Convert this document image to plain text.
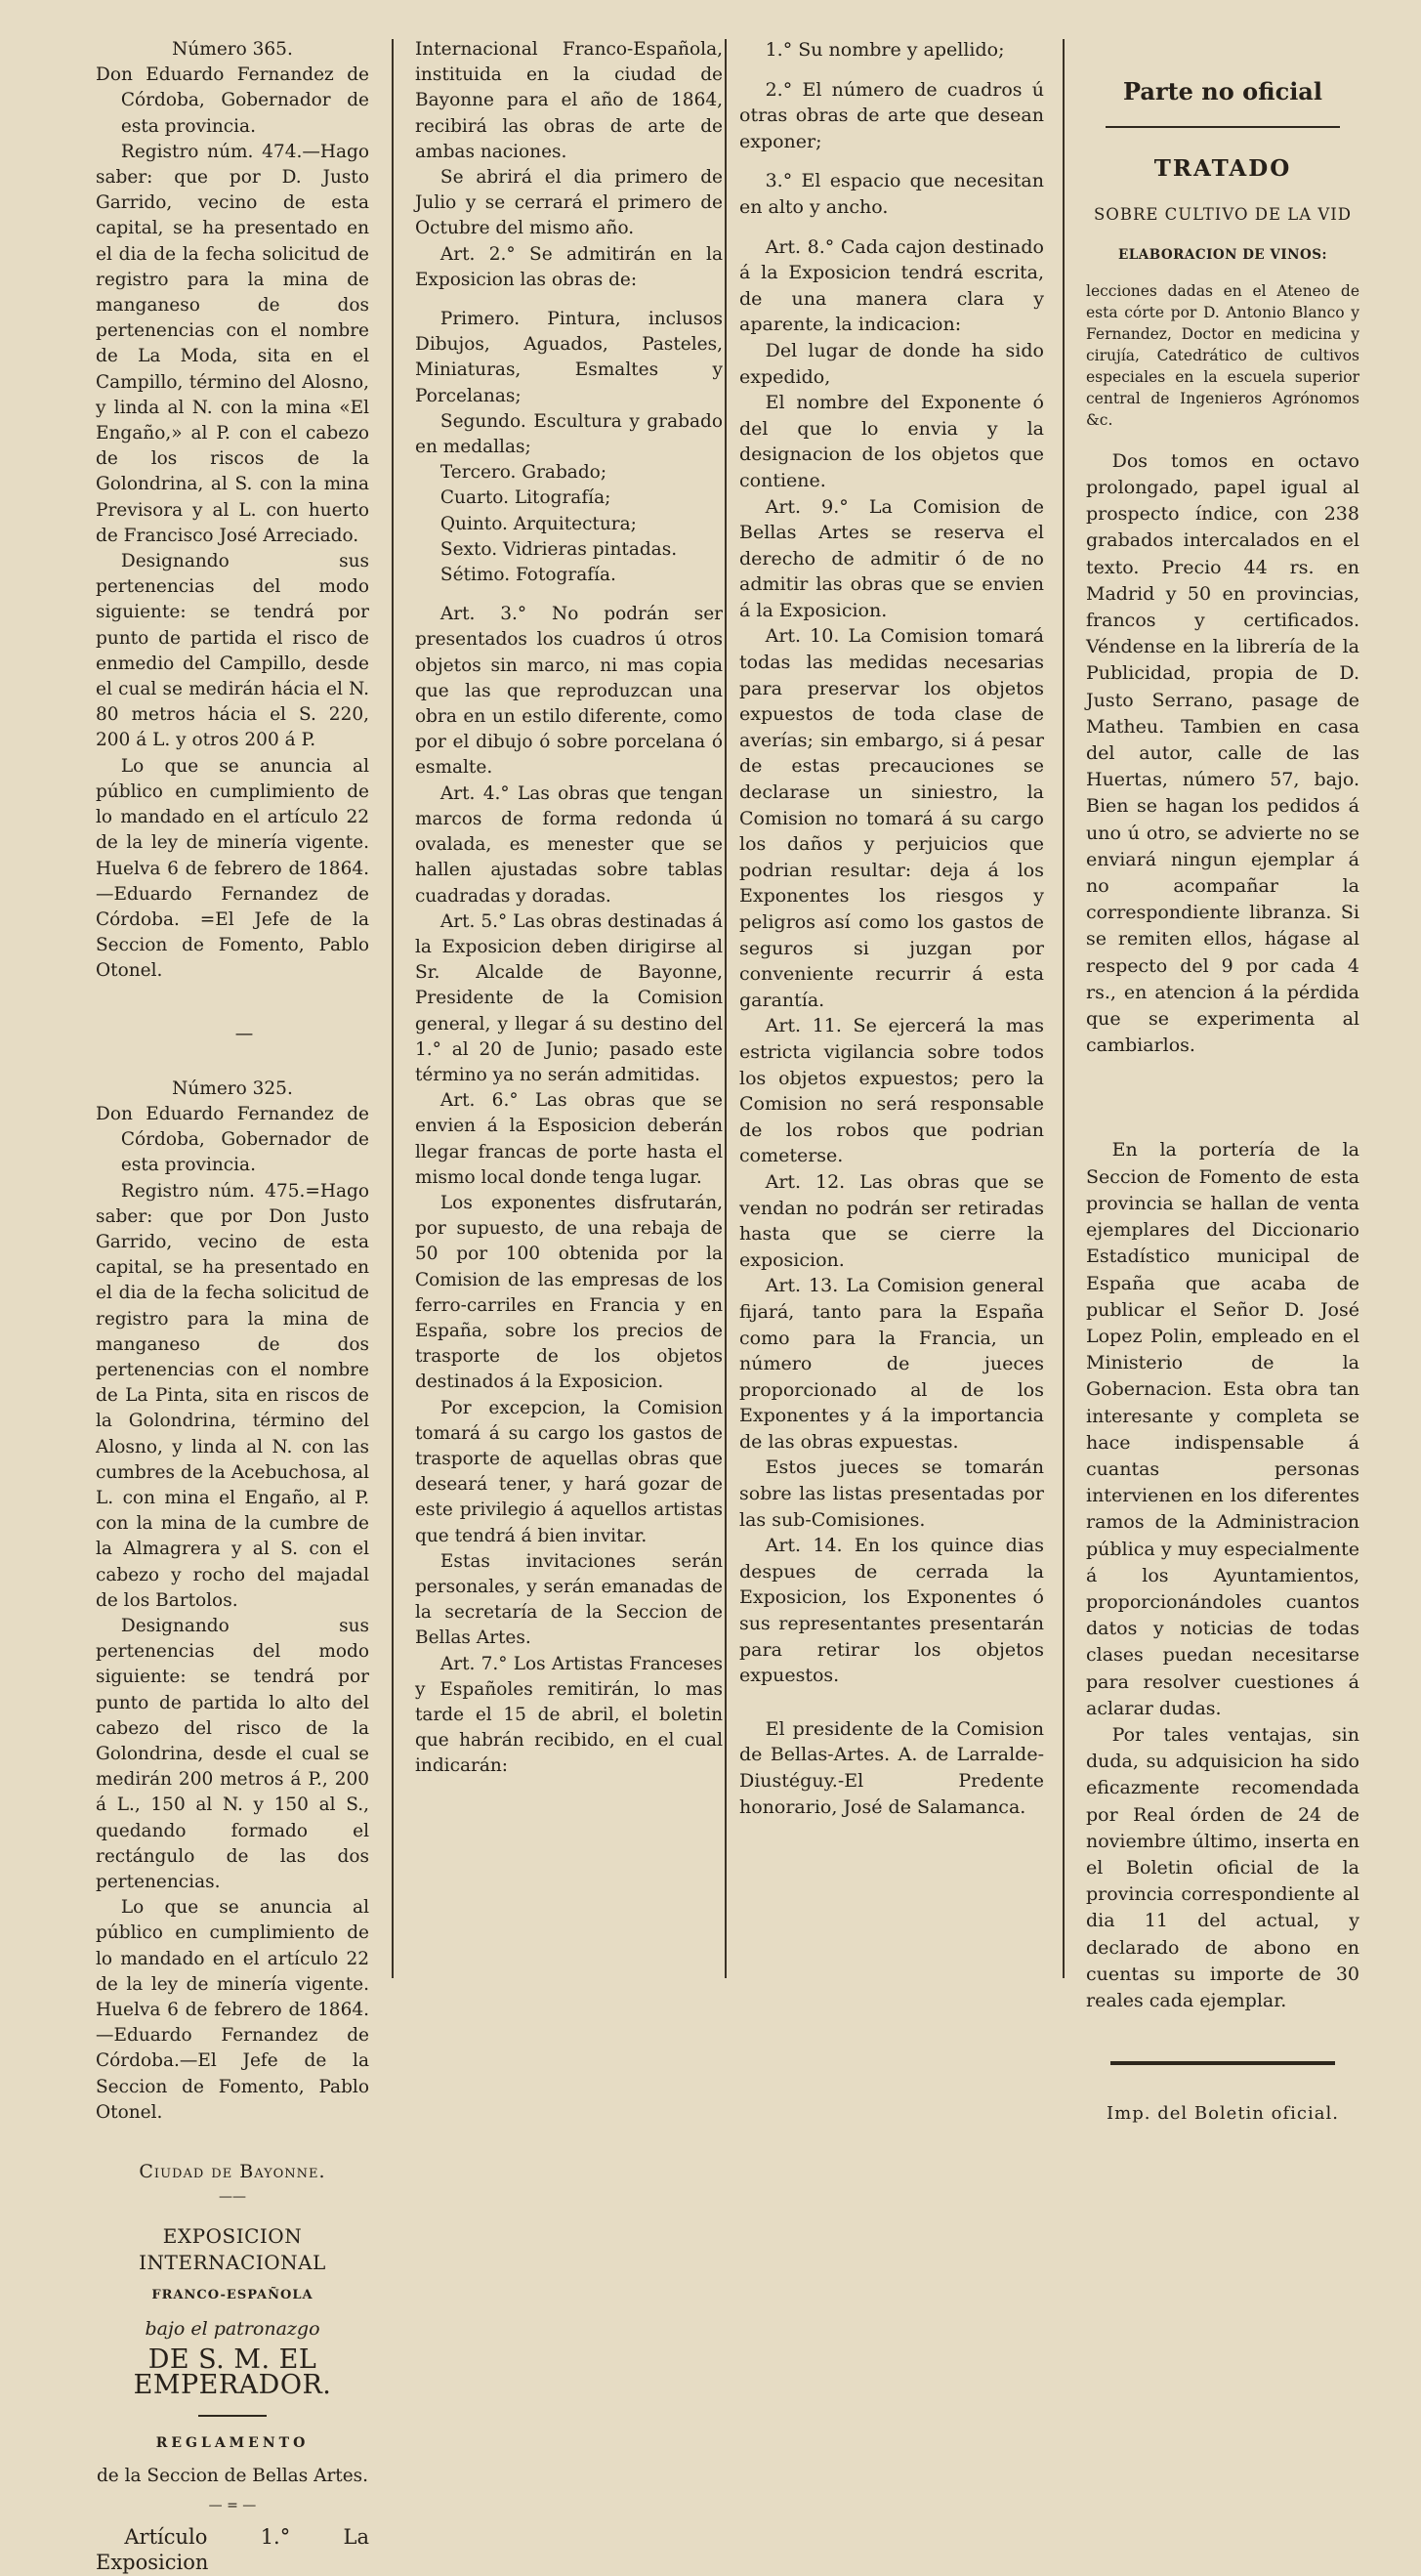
Número 365.

Don Eduardo Fernandez de Córdoba, Gobernador de esta provincia.

Registro núm. 474.—Hago saber: que por D. Justo Garrido, vecino de esta capital, se ha presentado en el dia de la fecha solicitud de registro para la mina de manganeso de dos pertenencias con el nombre de La Moda, sita en el Campillo, término del Alosno, y linda al N. con la mina «El Engaño,» al P. con el cabezo de los riscos de la Golondrina, al S. con la mina Previsora y al L. con huerto de Francisco José Arreciado.

Designando sus pertenencias del modo siguiente: se tendrá por punto de partida el risco de enmedio del Campillo, desde el cual se medirán hácia el N. 80 metros hácia el S. 220, 200 á L. y otros 200 á P.

Lo que se anuncia al público en cumplimiento de lo mandado en el artículo 22 de la ley de minería vigente. Huelva 6 de febrero de 1864.—Eduardo Fernandez de Córdoba. =El Jefe de la Seccion de Fomento, Pablo Otonel.

—

Número 325.

Don Eduardo Fernandez de Córdoba, Gobernador de esta provincia.

Registro núm. 475.=Hago saber: que por Don Justo Garrido, vecino de esta capital, se ha presentado en el dia de la fecha solicitud de registro para la mina de manganeso de dos pertenencias con el nombre de La Pinta, sita en riscos de la Golondrina, término del Alosno, y linda al N. con las cumbres de la Acebuchosa, al L. con mina el Engaño, al P. con la mina de la cumbre de la Almagrera y al S. con el cabezo y rocho del majadal de los Bartolos.

Designando sus pertenencias del modo siguiente: se tendrá por punto de partida lo alto del cabezo del risco de la Golondrina, desde el cual se medirán 200 metros á P., 200 á L., 150 al N. y 150 al S., quedando formado el rectángulo de las dos pertenencias.

Lo que se anuncia al público en cumplimiento de lo mandado en el artículo 22 de la ley de minería vigente. Huelva 6 de febrero de 1864.—Eduardo Fernandez de Córdoba.—El Jefe de la Seccion de Fomento, Pablo Otonel.

Ciudad de Bayonne.

——

EXPOSICION INTERNACIONAL

FRANCO-ESPAÑOLA

bajo el patronazgo

DE S. M. EL EMPERADOR.

REGLAMENTO

de la Seccion de Bellas Artes.

— = —

Artículo 1.° La Exposicion

Internacional Franco-Española, instituida en la ciudad de Bayonne para el año de 1864, recibirá las obras de arte de ambas naciones.

Se abrirá el dia primero de Julio y se cerrará el primero de Octubre del mismo año.

Art. 2.° Se admitirán en la Exposicion las obras de:

Primero. Pintura, inclusos Dibujos, Aguados, Pasteles, Miniaturas, Esmaltes y Porcelanas;

Segundo. Escultura y grabado en medallas;

Tercero. Grabado;

Cuarto. Litografía;

Quinto. Arquitectura;

Sexto. Vidrieras pintadas.

Sétimo. Fotografía.

Art. 3.° No podrán ser presentados los cuadros ú otros objetos sin marco, ni mas copia que las que reproduzcan una obra en un estilo diferente, como por el dibujo ó sobre porcelana ó esmalte.

Art. 4.° Las obras que tengan marcos de forma redonda ú ovalada, es menester que se hallen ajustadas sobre tablas cuadradas y doradas.

Art. 5.° Las obras destinadas á la Exposicion deben dirigirse al Sr. Alcalde de Bayonne, Presidente de la Comision general, y llegar á su destino del 1.° al 20 de Junio; pasado este término ya no serán admitidas.

Art. 6.° Las obras que se envien á la Esposicion deberán llegar francas de porte hasta el mismo local donde tenga lugar.

Los exponentes disfrutarán, por supuesto, de una rebaja de 50 por 100 obtenida por la Comision de las empresas de los ferro-carriles en Francia y en España, sobre los precios de trasporte de los objetos destinados á la Exposicion.

Por excepcion, la Comision tomará á su cargo los gastos de trasporte de aquellas obras que deseará tener, y hará gozar de este privilegio á aquellos artistas que tendrá á bien invitar.

Estas invitaciones serán personales, y serán emanadas de la secretaría de la Seccion de Bellas Artes.

Art. 7.° Los Artistas Franceses y Españoles remitirán, lo mas tarde el 15 de abril, el boletin que habrán recibido, en el cual indicarán:

1.° Su nombre y apellido;

2.° El número de cuadros ú otras obras de arte que desean exponer;

3.° El espacio que necesitan en alto y ancho.

Art. 8.° Cada cajon destinado á la Exposicion tendrá escrita, de una manera clara y aparente, la indicacion:

Del lugar de donde ha sido expedido,

El nombre del Exponente ó del que lo envia y la designacion de los objetos que contiene.

Art. 9.° La Comision de Bellas Artes se reserva el derecho de admitir ó de no admitir las obras que se envien á la Exposicion.

Art. 10. La Comision tomará todas las medidas necesarias para preservar los objetos expuestos de toda clase de averías; sin embargo, si á pesar de estas precauciones se declarase un siniestro, la Comision no tomará á su cargo los daños y perjuicios que podrian resultar: deja á los Exponentes los riesgos y peligros así como los gastos de seguros si juzgan por conveniente recurrir á esta garantía.

Art. 11. Se ejercerá la mas estricta vigilancia sobre todos los objetos expuestos; pero la Comision no será responsable de los robos que podrian cometerse.

Art. 12. Las obras que se vendan no podrán ser retiradas hasta que se cierre la exposicion.

Art. 13. La Comision general fijará, tanto para la España como para la Francia, un número de jueces proporcionado al de los Exponentes y á la importancia de las obras expuestas.

Estos jueces se tomarán sobre las listas presentadas por las sub-Comisiones.

Art. 14. En los quince dias despues de cerrada la Exposicion, los Exponentes ó sus representantes presentarán para retirar los objetos expuestos.

El presidente de la Comision de Bellas-Artes. A. de Larralde-Diustéguy.-El Predente honorario, José de Salamanca.

Parte no oficial
TRATADO
SOBRE CULTIVO DE LA VID
ELABORACION DE VINOS:

lecciones dadas en el Ateneo de esta córte por D. Antonio Blanco y Fernandez, Doctor en medicina y cirujía, Catedrático de cultivos especiales en la escuela superior central de Ingenieros Agrónomos &c.

Dos tomos en octavo prolongado, papel igual al prospecto índice, con 238 grabados intercalados en el texto. Precio 44 rs. en Madrid y 50 en provincias, francos y certificados. Véndense en la librería de la Publicidad, propia de D. Justo Serrano, pasage de Matheu. Tambien en casa del autor, calle de las Huertas, número 57, bajo. Bien se hagan los pedidos á uno ú otro, se advierte no se enviará ningun ejemplar á no acompañar la correspondiente libranza. Si se remiten ellos, hágase al respecto del 9 por cada 4 rs., en atencion á la pérdida que se experimenta al cambiarlos.

En la portería de la Seccion de Fomento de esta provincia se hallan de venta ejemplares del Diccionario Estadístico municipal de España que acaba de publicar el Señor D. José Lopez Polin, empleado en el Ministerio de la Gobernacion. Esta obra tan interesante y completa se hace indispensable á cuantas personas intervienen en los diferentes ramos de la Administracion pública y muy especialmente á los Ayuntamientos, proporcionándoles cuantos datos y noticias de todas clases puedan necesitarse para resolver cuestiones á aclarar dudas.

Por tales ventajas, sin duda, su adquisicion ha sido eficazmente recomendada por Real órden de 24 de noviembre último, inserta en el Boletin oficial de la provincia correspondiente al dia 11 del actual, y declarado de abono en cuentas su importe de 30 reales cada ejemplar.

Imp. del Boletin oficial.
